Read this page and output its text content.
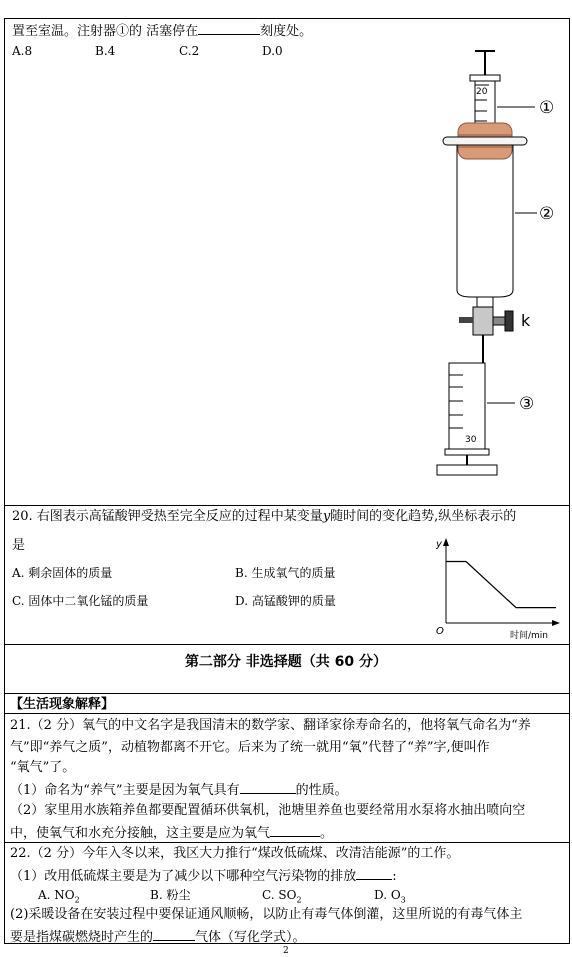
置至室温。注射器①的 活塞停在	刻度处。
A.8	B.4	C.2	D.0
20
①
②
k
30
③
20. 右图表示高锰酸钾受热至完全反应的过程中某变量y随时间的变化趋势,纵坐标表示的
是
A. 剩余固体的质量	B. 生成氧气的质量
C. 固体中二氧化锰的质量	D. 高锰酸钾的质量
y
O	时间/min
第二部分 非选择题（共 60 分）
【生活现象解释】
21.（2 分）氧气的中文名字是我国清末的数学家、翻译家徐寿命名的，他将氧气命名为“养
气”即“养气之质”，动植物都离不开它。后来为了统一就用“氧”代替了“养”字,便叫作
“氧气”了。
（1）命名为“养气”主要是因为氧气具有	的性质。
（2）家里用水族箱养鱼都要配置循环供氧机，池塘里养鱼也要经常用水泵将水抽出喷向空
中，使氧气和水充分接触，这主要是应为氧气	。
22.（2 分）今年入冬以来，我区大力推行“煤改低硫煤、改清洁能源”的工作。
（1）改用低硫煤主要是为了减少以下哪种空气污染物的排放	:
A. $NO_2$	B. 粉尘	C. $SO_2$	D. $O_3$
(2)采暖设备在安装过程中要保证通风顺畅，以防止有毒气体倒灌，这里所说的有毒气体主
要是指煤碳燃烧时产生的	气体（写化学式）。
2
